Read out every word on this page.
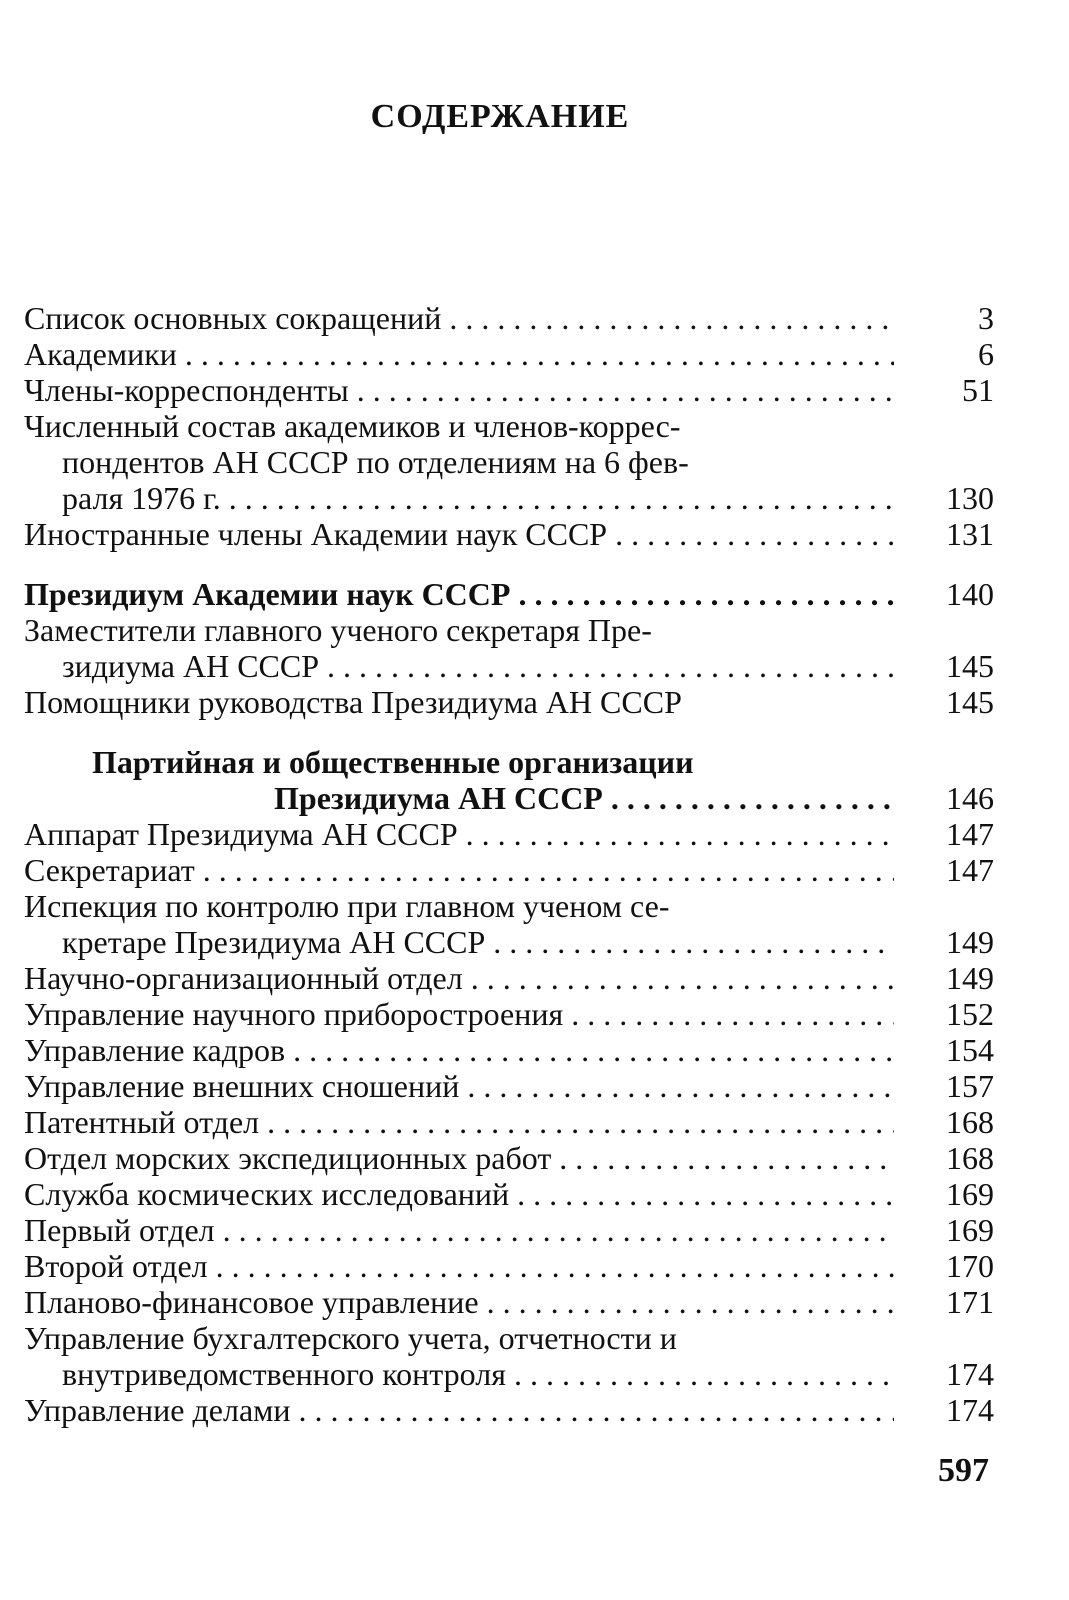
СОДЕРЖАНИЕ
Список основных сокращений . . .	3
Академики . . .	6
Члены-корреспонденты . . .	51
Численный состав академиков и членов-коррес-
пондентов АН СССР по отделениям на 6 фев-
раля 1976 г. . . .	130
Иностранные члены Академии наук СССР . . .	131
Президиум Академии наук СССР . . .	140
Заместители главного ученого секретаря Пре-
зидиума АН СССР . . .	145
Помощники руководства Президиума АН СССР	145
Партийная и общественные организации
Президиума АН СССР . . .	146
Аппарат Президиума АН СССР . . .	147
Секретариат . . .	147
Испекция по контролю при главном ученом се-
кретаре Президиума АН СССР . . .	149
Научно-организационный отдел . . .	149
Управление научного приборостроения . . .	152
Управление кадров . . .	154
Управление внешних сношений . . .	157
Патентный отдел . . .	168
Отдел морских экспедиционных работ . . .	168
Служба космических исследований . . .	169
Первый отдел . . .	169
Второй отдел . . .	170
Планово-финансовое управление . . .	171
Управление бухгалтерского учета, отчетности и
внутриведомственного контроля . . .	174
Управление делами . . .	174
597
